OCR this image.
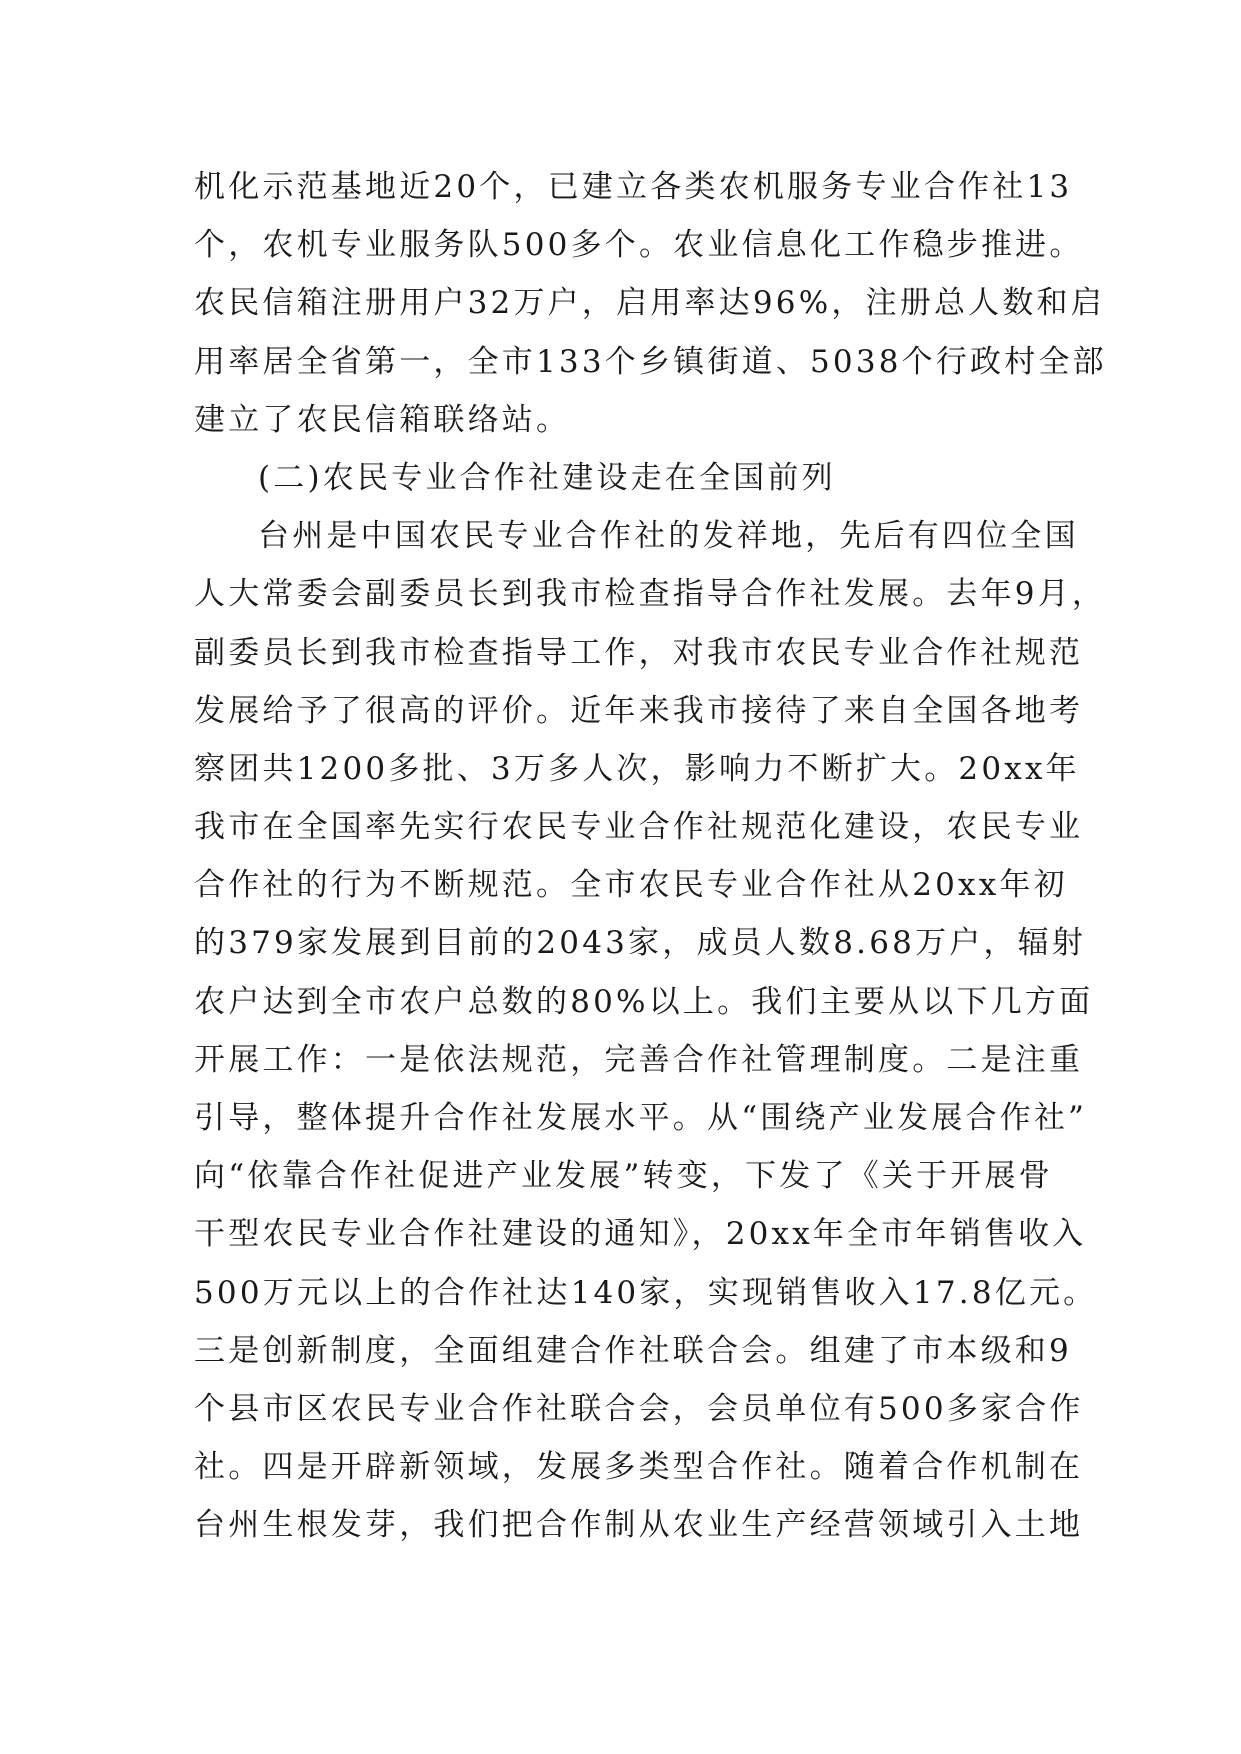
机化示范基地近20个，已建立各类农机服务专业合作社13
个，农机专业服务队500多个。农业信息化工作稳步推进。
农民信箱注册用户32万户，启用率达96%，注册总人数和启
用率居全省第一，全市133个乡镇街道、5038个行政村全部
建立了农民信箱联络站。
(二)农民专业合作社建设走在全国前列
台州是中国农民专业合作社的发祥地，先后有四位全国
人大常委会副委员长到我市检查指导合作社发展。去年9月，
副委员长到我市检查指导工作，对我市农民专业合作社规范
发展给予了很高的评价。近年来我市接待了来自全国各地考
察团共1200多批、3万多人次，影响力不断扩大。20xx年
我市在全国率先实行农民专业合作社规范化建设，农民专业
合作社的行为不断规范。全市农民专业合作社从20xx年初
的379家发展到目前的2043家，成员人数8.68万户，辐射
农户达到全市农户总数的80%以上。我们主要从以下几方面
开展工作：一是依法规范，完善合作社管理制度。二是注重
引导，整体提升合作社发展水平。从“围绕产业发展合作社”
向“依靠合作社促进产业发展”转变，下发了《关于开展骨
干型农民专业合作社建设的通知》，20xx年全市年销售收入
500万元以上的合作社达140家，实现销售收入17.8亿元。
三是创新制度，全面组建合作社联合会。组建了市本级和9
个县市区农民专业合作社联合会，会员单位有500多家合作
社。四是开辟新领域，发展多类型合作社。随着合作机制在
台州生根发芽，我们把合作制从农业生产经营领域引入土地
